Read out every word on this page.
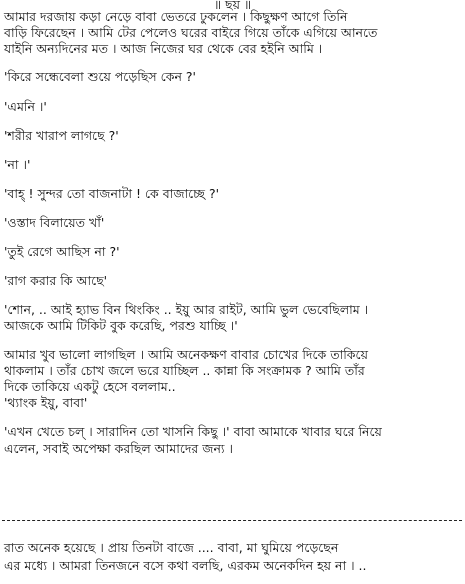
॥ ছয় ॥
আমার দরজায় কড়া নেড়ে বাবা ভেতরে ঢুকলেন । কিছুক্ষণ আগে তিনি
বাড়ি ফিরেছেন । আমি টের পেলেও ঘরের বাইরে গিয়ে তাঁকে এগিয়ে আনতে
যাইনি অন্যদিনের মত । আজ নিজের ঘর থেকে বের হইনি আমি ।
'কিরে সন্ধেবেলা শুয়ে পড়েছিস কেন ?'
'এমনি ।'
'শরীর খারাপ লাগছে ?'
'না ।'
'বাহ্ ! সুন্দর তো বাজনাটা ! কে বাজাচ্ছে ?'
'ওস্তাদ বিলায়েত খাঁ'
'তুই রেগে আছিস না ?'
'রাগ করার কি আছে'
'শোন, .. আই হ্যাভ বিন থিংকিং .. ইয়ু আর রাইট, আমি ভুল ভেবেছিলাম ।
আজকে আমি টিকিট বুক করেছি, পরশু যাচ্ছি ।'
আমার খুব ভালো লাগছিল । আমি অনেকক্ষণ বাবার চোখের দিকে তাকিয়ে
থাকলাম । তাঁর চোখ জলে ভরে যাচ্ছিল .. কান্না কি সংক্রামক ? আমি তাঁর
দিকে তাকিয়ে একটু হেসে বললাম..
'থ্যাংক ইয়ু, বাবা'
'এখন খেতে চল্ । সারাদিন তো খাসনি কিছু ।' বাবা আমাকে খাবার ঘরে নিয়ে
এলেন, সবাই অপেক্ষা করছিল আমাদের জন্য ।
রাত অনেক হয়েছে । প্রায় তিনটা বাজে .... বাবা, মা ঘুমিয়ে পড়েছেন
এর মধ্যে । আমরা তিনজনে বসে কথা বলছি, এরকম অনেকদিন হয় না । ..
